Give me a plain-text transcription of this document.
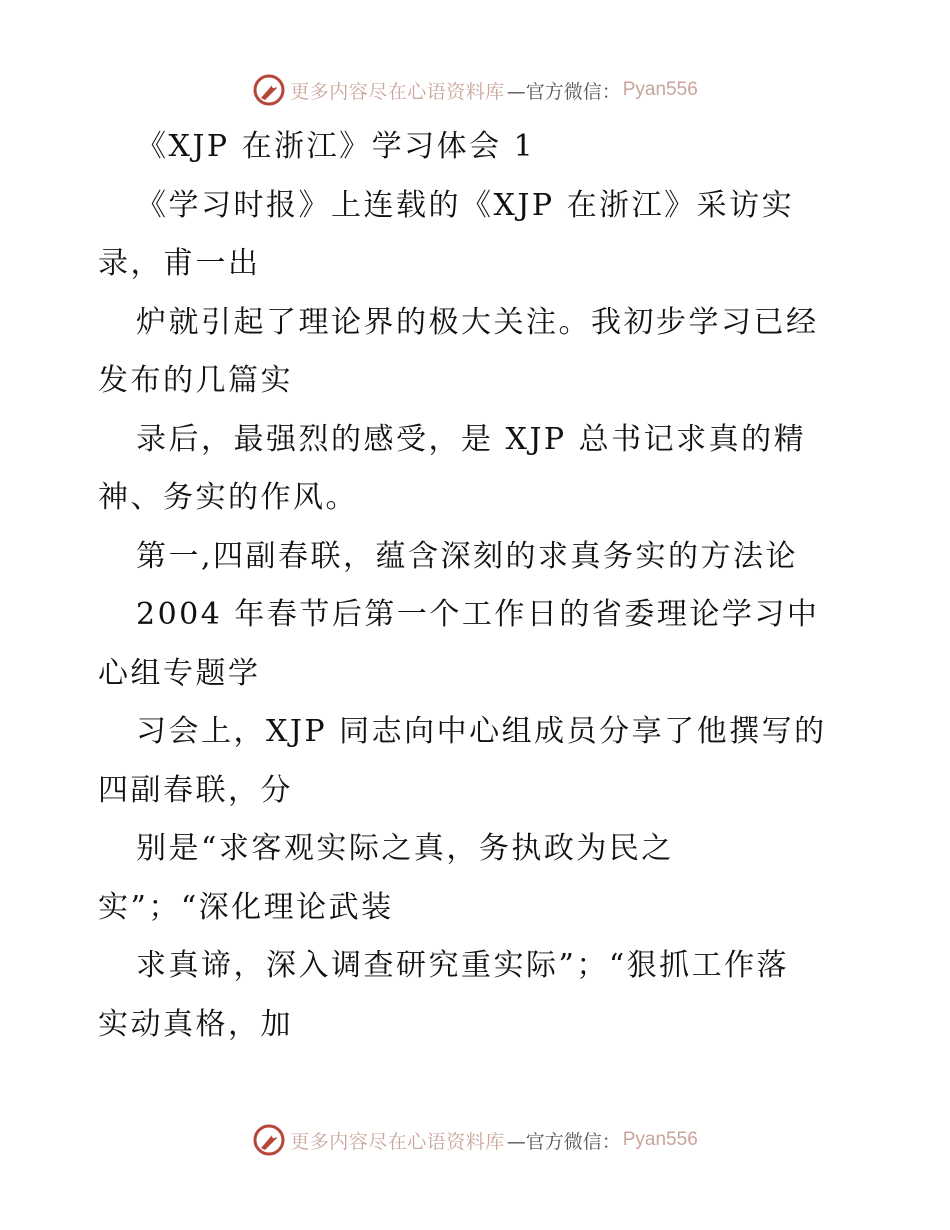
更多内容尽在心语资料库 —官方微信： Pyan556
《XJP 在浙江》学习体会 1
《学习时报》上连载的《XJP 在浙江》采访实
录，甫一出
炉就引起了理论界的极大关注。我初步学习已经
发布的几篇实
录后，最强烈的感受，是 XJP 总书记求真的精
神、务实的作风。
第一,四副春联，蕴含深刻的求真务实的方法论
2004 年春节后第一个工作日的省委理论学习中
心组专题学
习会上，XJP 同志向中心组成员分享了他撰写的
四副春联，分
别是“求客观实际之真，务执政为民之
实”；“深化理论武装
求真谛，深入调查研究重实际”；“狠抓工作落
实动真格，加
更多内容尽在心语资料库 —官方微信： Pyan556
